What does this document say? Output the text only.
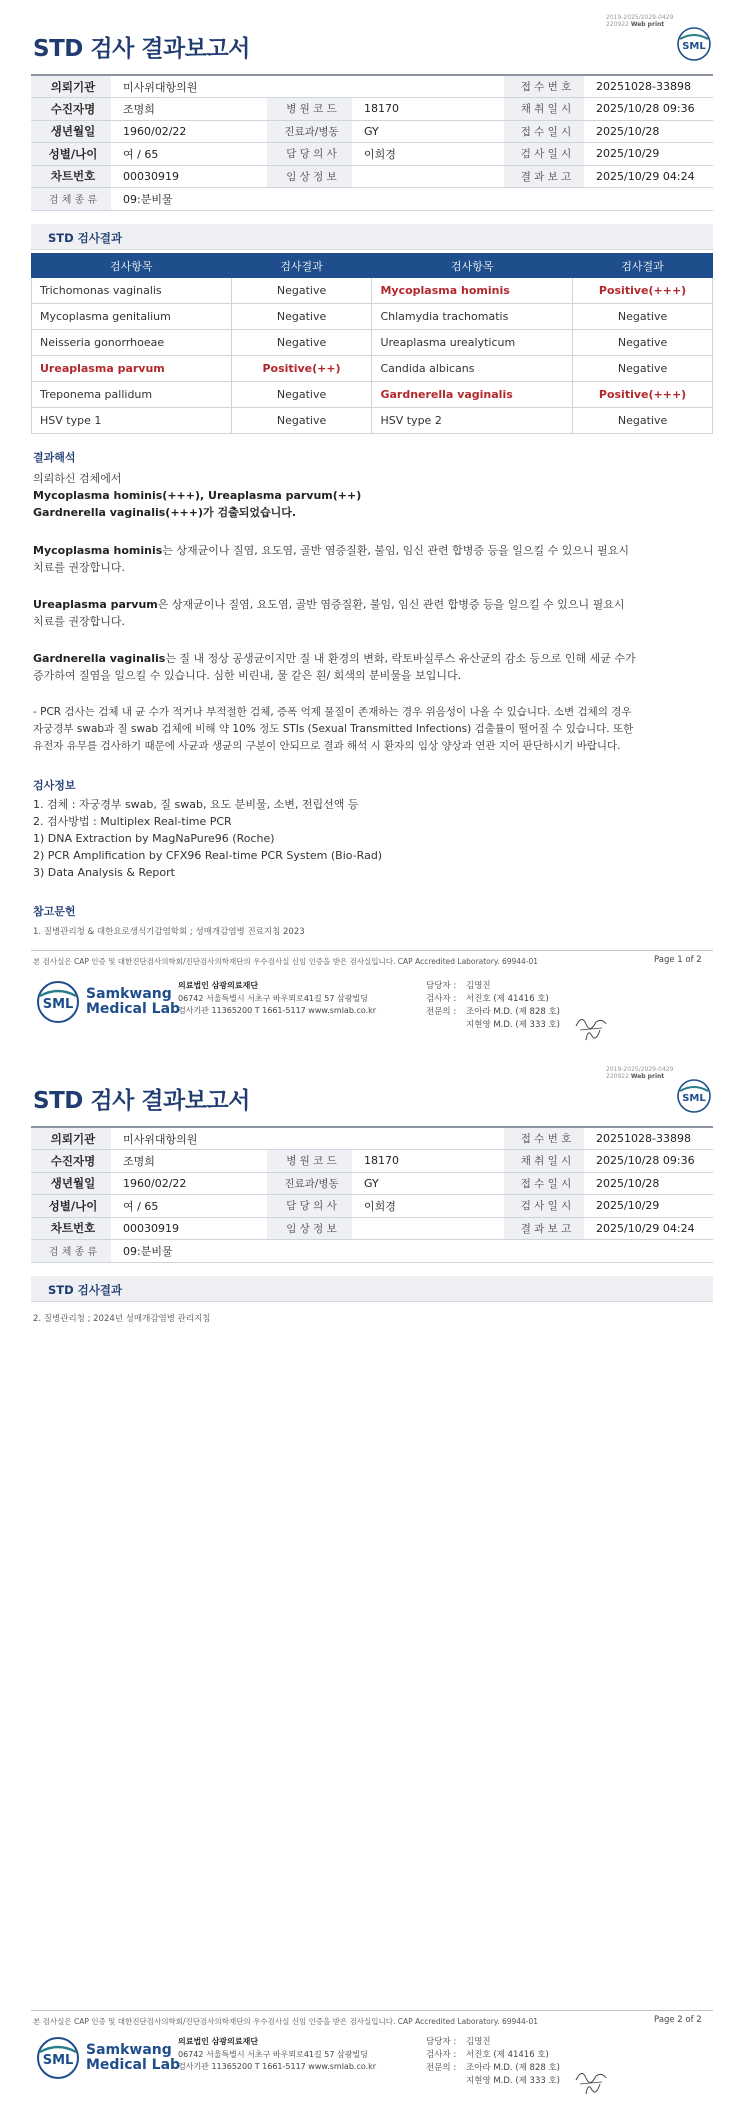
2019-2025/2029-0429
220922 Web print
STD 검사 결과보고서	SML
의뢰기관	미사위대항의원			접 수 번 호	20251028-33898
수진자명	조명희	병 원 코 드	18170	채 취 일 시	2025/10/28 09:36
생년월일	1960/02/22	진료과/병동	GY	접 수 일 시	2025/10/28
성별/나이	여 / 65	담 당 의 사	이희경	검 사 일 시	2025/10/29
차트번호	00030919	임 상 정 보		결 과 보 고	2025/10/29 04:24
검 체 종 류	09:분비물				
STD 검사결과
검사항목	검사결과	검사항목	검사결과
Trichomonas vaginalis	Negative	Mycoplasma hominis	Positive(+++)
Mycoplasma genitalium	Negative	Chlamydia trachomatis	Negative
Neisseria gonorrhoeae	Negative	Ureaplasma urealyticum	Negative
Ureaplasma parvum	Positive(++)	Candida albicans	Negative
Treponema pallidum	Negative	Gardnerella vaginalis	Positive(+++)
HSV type 1	Negative	HSV type 2	Negative
결과해석
의뢰하신 검체에서
Mycoplasma hominis(+++), Ureaplasma parvum(++)
Gardnerella vaginalis(+++)가 검출되었습니다.
Mycoplasma hominis는 상재균이나 질염, 요도염, 골반 염증질환, 불임, 임신 관련 합병증 등을 일으킬 수 있으니 필요시
치료를 권장합니다.
Ureaplasma parvum은 상재균이나 질염, 요도염, 골반 염증질환, 불임, 임신 관련 합병증 등을 일으킬 수 있으니 필요시
치료를 권장합니다.
Gardnerella vaginalis는 질 내 정상 공생균이지만 질 내 환경의 변화, 락토바실루스 유산균의 감소 등으로 인해 세균 수가
증가하여 질염을 일으킬 수 있습니다. 심한 비린내, 물 같은 흰/ 회색의 분비물을 보입니다.
- PCR 검사는 검체 내 균 수가 적거나 부적절한 검체, 증폭 억제 물질이 존재하는 경우 위음성이 나올 수 있습니다. 소변 검체의 경우
자궁경부 swab과 질 swab 검체에 비해 약 10% 정도 STIs (Sexual Transmitted Infections) 검출률이 떨어질 수 있습니다. 또한
유전자 유무를 검사하기 때문에 사균과 생균의 구분이 안되므로 결과 해석 시 환자의 임상 양상과 연관 지어 판단하시기 바랍니다.
검사정보
1. 검체 : 자궁경부 swab, 질 swab, 요도 분비물, 소변, 전립선액 등
2. 검사방법 : Multiplex Real-time PCR
1) DNA Extraction by MagNaPure96 (Roche)
2) PCR Amplification by CFX96 Real-time PCR System (Bio-Rad)
3) Data Analysis & Report
참고문헌
1. 질병관리청 & 대한요로생식기감염학회 ; 성매개감염병 진료지침 2023
본 검사실은 CAP 인증 및 대한진단검사의학회/진단검사의학재단의 우수검사실 신임 인증을 받은 검사실입니다. CAP Accredited Laboratory. 69944-01	Page 1 of 2
SML
Samkwang
Medical Lab
의료법인 삼광의료재단
06742 서울특별시 서초구 바우뫼로41길 57 삼광빌딩
검사기관 11365200 T 1661-5117 www.smlab.co.kr
담당자 : 김명진
검사자 : 서진호 (제 41416 호)
전문의 : 조아라 M.D. (제 828 호)
지현영 M.D. (제 333 호)
2019-2025/2029-0429
220922 Web print
STD 검사 결과보고서	SML
의뢰기관	미사위대항의원			접 수 번 호	20251028-33898
수진자명	조명희	병 원 코 드	18170	채 취 일 시	2025/10/28 09:36
생년월일	1960/02/22	진료과/병동	GY	접 수 일 시	2025/10/28
성별/나이	여 / 65	담 당 의 사	이희경	검 사 일 시	2025/10/29
차트번호	00030919	임 상 정 보		결 과 보 고	2025/10/29 04:24
검 체 종 류	09:분비물				
STD 검사결과
2. 질병관리청 ; 2024년 성매개감염병 관리지침
본 검사실은 CAP 인증 및 대한진단검사의학회/진단검사의학재단의 우수검사실 신임 인증을 받은 검사실입니다. CAP Accredited Laboratory. 69944-01	Page 2 of 2
SML
Samkwang
Medical Lab
의료법인 삼광의료재단
06742 서울특별시 서초구 바우뫼로41길 57 삼광빌딩
검사기관 11365200 T 1661-5117 www.smlab.co.kr
담당자 : 김명진
검사자 : 서진호 (제 41416 호)
전문의 : 조아라 M.D. (제 828 호)
지현영 M.D. (제 333 호)
